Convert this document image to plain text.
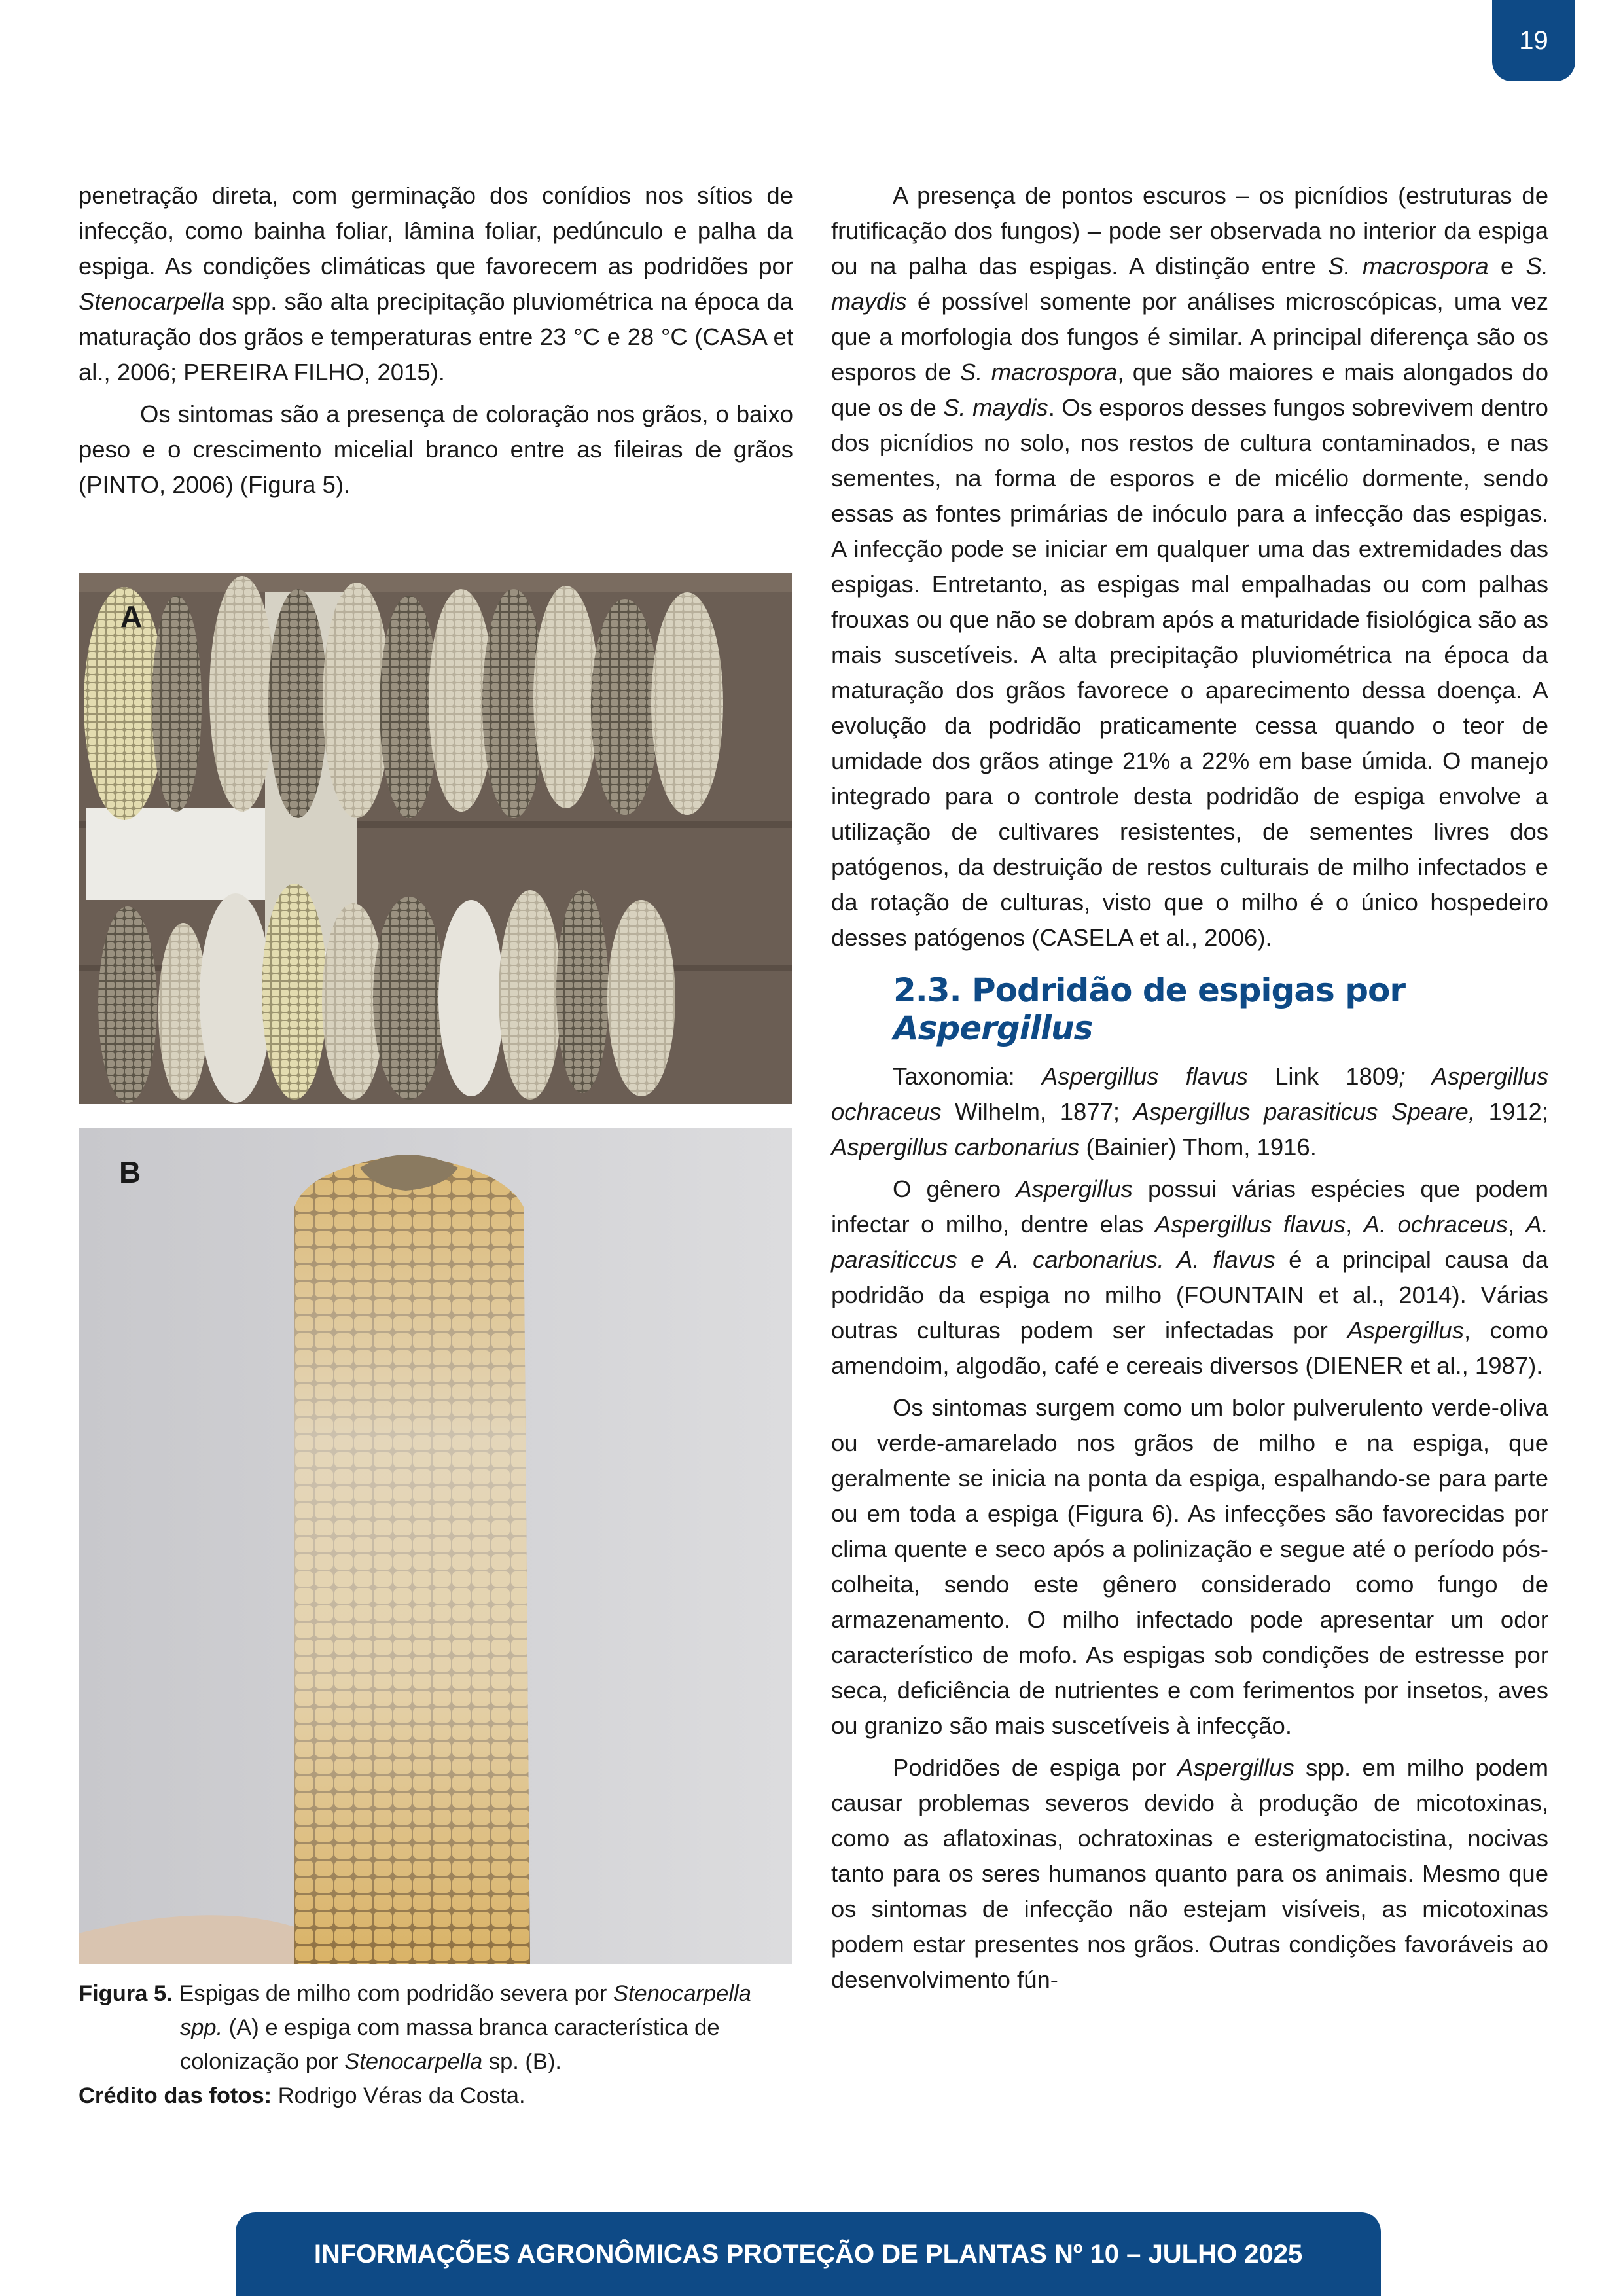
19

penetração direta, com germinação dos conídios nos sítios de infecção, como bainha foliar, lâmina foliar, pedúnculo e palha da espiga. As condições climáticas que favorecem as podridões por Stenocarpella spp. são alta precipitação pluviométrica na época da maturação dos grãos e temperaturas entre 23 °C e 28 °C (CASA et al., 2006; PEREIRA FILHO, 2015).

Os sintomas são a presença de coloração nos grãos, o baixo peso e o crescimento micelial branco entre as fileiras de grãos (PINTO, 2006) (Figura 5).

A
B

Figura 5. Espigas de milho com podridão severa por Stenocarpella spp. (A) e espiga com massa branca característica de colonização por Stenocarpella sp. (B).

Crédito das fotos: Rodrigo Véras da Costa.

A presença de pontos escuros – os picnídios (estruturas de frutificação dos fungos) – pode ser observada no interior da espiga ou na palha das espigas. A distinção entre S. macrospora e S. maydis é possível somente por análises microscópicas, uma vez que a morfologia dos fungos é similar. A principal diferença são os esporos de S. macrospora, que são maiores e mais alongados do que os de S. maydis. Os esporos desses fungos sobrevivem dentro dos picnídios no solo, nos restos de cultura contaminados, e nas sementes, na forma de esporos e de micélio dormente, sendo essas as fontes primárias de inóculo para a infecção das espigas. A infecção pode se iniciar em qualquer uma das extremidades das espigas. Entretanto, as espigas mal empalhadas ou com palhas frouxas ou que não se dobram após a maturidade fisiológica são as mais suscetíveis. A alta precipitação pluviométrica na época da maturação dos grãos favorece o aparecimento dessa doença. A evolução da podridão praticamente cessa quando o teor de umidade dos grãos atinge 21% a 22% em base úmida. O manejo integrado para o controle desta podridão de espiga envolve a utilização de cultivares resistentes, de sementes livres dos patógenos, da destruição de restos culturais de milho infectados e da rotação de culturas, visto que o milho é o único hospedeiro desses patógenos (CASELA et al., 2006).

2.3. Podridão de espigas por Aspergillus

Taxonomia: Aspergillus flavus Link 1809; Aspergillus ochraceus Wilhelm, 1877; Aspergillus parasiticus Speare, 1912; Aspergillus carbonarius (Bainier) Thom, 1916.

O gênero Aspergillus possui várias espécies que podem infectar o milho, dentre elas Aspergillus flavus, A. ochraceus, A. parasiticcus e A. carbonarius. A. flavus é a principal causa da podridão da espiga no milho (FOUNTAIN et al., 2014). Várias outras culturas podem ser infectadas por Aspergillus, como amendoim, algodão, café e cereais diversos (DIENER et al., 1987).

Os sintomas surgem como um bolor pulverulento verde-oliva ou verde-amarelado nos grãos de milho e na espiga, que geralmente se inicia na ponta da espiga, espalhando-se para parte ou em toda a espiga (Figura 6). As infecções são favorecidas por clima quente e seco após a polinização e segue até o período pós-colheita, sendo este gênero considerado como fungo de armazenamento. O milho infectado pode apresentar um odor característico de mofo. As espigas sob condições de estresse por seca, deficiência de nutrientes e com ferimentos por insetos, aves ou granizo são mais suscetíveis à infecção.

Podridões de espiga por Aspergillus spp. em milho podem causar problemas severos devido à produção de micotoxinas, como as aflatoxinas, ochratoxinas e esterigmatocistina, nocivas tanto para os seres humanos quanto para os animais. Mesmo que os sintomas de infecção não estejam visíveis, as micotoxinas podem estar presentes nos grãos. Outras condições favoráveis ao desenvolvimento fún-

INFORMAÇÕES AGRONÔMICAS PROTEÇÃO DE PLANTAS Nº 10 – JULHO 2025
